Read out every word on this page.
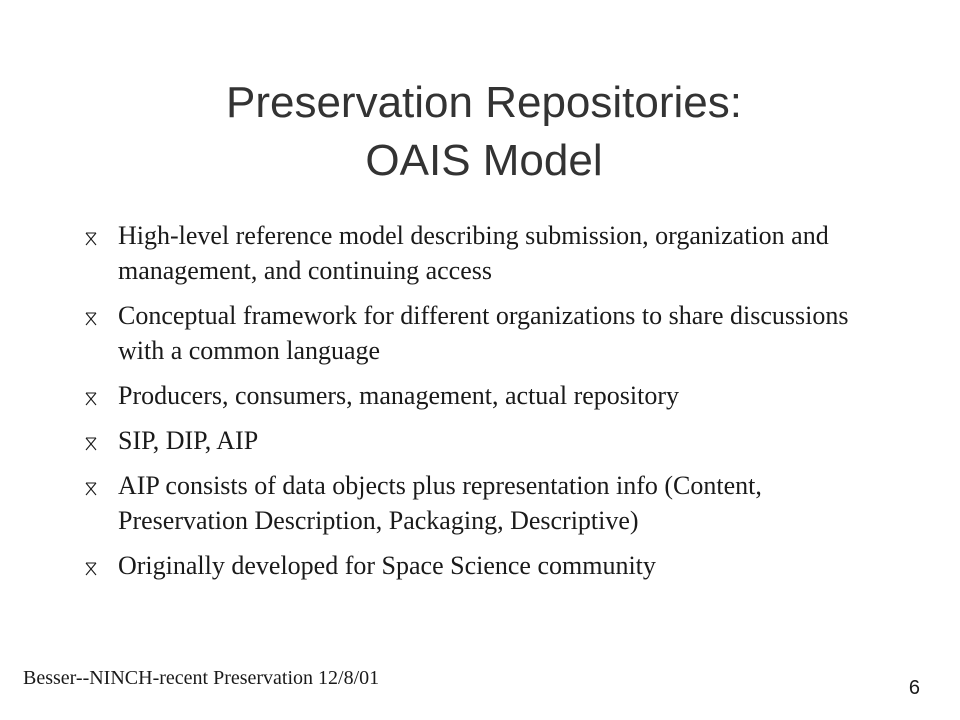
Preservation Repositories:
OAIS Model
High-level reference model describing submission, organization and management, and continuing access
Conceptual framework for different organizations to share discussions with a common language
Producers, consumers, management, actual repository
SIP, DIP, AIP
AIP consists of data objects plus representation info (Content, Preservation Description, Packaging, Descriptive)
Originally developed for Space Science community
Besser--NINCH-recent Preservation 12/8/01	6
